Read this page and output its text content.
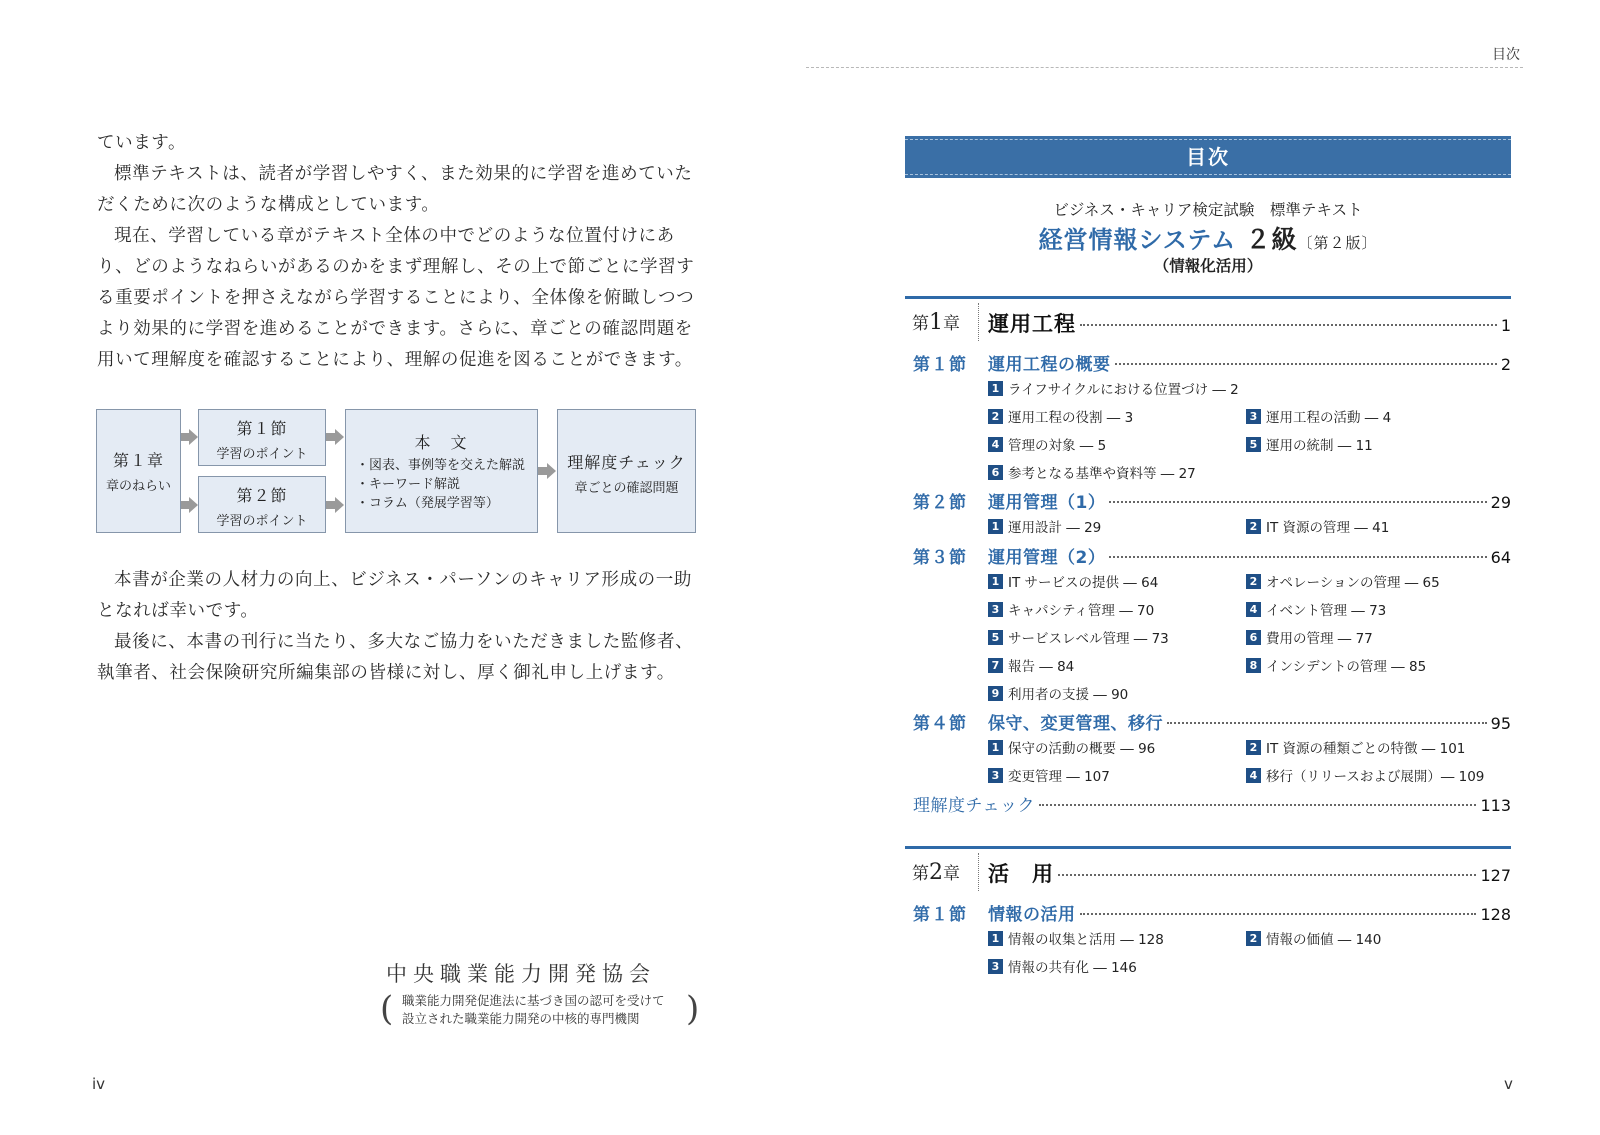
ています。

標準テキストは、読者が学習しやすく、また効果的に学習を進めていただくために次のような構成としています。

現在、学習している章がテキスト全体の中でどのような位置付けにあり、どのようなねらいがあるのかをまず理解し、その上で節ごとに学習する重要ポイントを押さえながら学習することにより、全体像を俯瞰しつつより効果的に学習を進めることができます。さらに、章ごとの確認問題を用いて理解度を確認することにより、理解の促進を図ることができます。

第１章
章のねらい
第１節
学習のポイント
第２節
学習のポイント
本　文
・図表、事例等を交えた解説
・キーワード解説
・コラム（発展学習等）
理解度チェック
章ごとの確認問題

本書が企業の人材力の向上、ビジネス・パーソンのキャリア形成の一助となれば幸いです。

最後に、本書の刊行に当たり、多大なご協力をいただきました監修者、執筆者、社会保険研究所編集部の皆様に対し、厚く御礼申し上げます。

中央職業能力開発協会
( 職業能力開発促進法に基づき国の認可を受けて
設立された職業能力開発の中核的専門機関	)
iv
目次
目次
ビジネス・キャリア検定試験　標準テキスト
経営情報システム ２級〔第２版〕
（情報化活用）
第1章 運用工程	1
第１節 運用工程の概要	2
1 ライフサイクルにおける位置づけ ― 2
2 運用工程の役割 ― 3	3 運用工程の活動 ― 4
4 管理の対象 ― 5	5 運用の統制 ― 11
6 参考となる基準や資料等 ― 27
第２節 運用管理（1）	29
1 運用設計 ― 29	2 IT 資源の管理 ― 41
第３節 運用管理（2）	64
1 IT サービスの提供 ― 64	2 オペレーションの管理 ― 65
3 キャパシティ管理 ― 70	4 イベント管理 ― 73
5 サービスレベル管理 ― 73	6 費用の管理 ― 77
7 報告 ― 84	8 インシデントの管理 ― 85
9 利用者の支援 ― 90
第４節 保守、変更管理、移行	95
1 保守の活動の概要 ― 96	2 IT 資源の種類ごとの特徴 ― 101
3 変更管理 ― 107	4 移行（リリースおよび展開）― 109
理解度チェック	113
第2章 活　用	127
第１節 情報の活用	128
1 情報の収集と活用 ― 128	2 情報の価値 ― 140
3 情報の共有化 ― 146
v
